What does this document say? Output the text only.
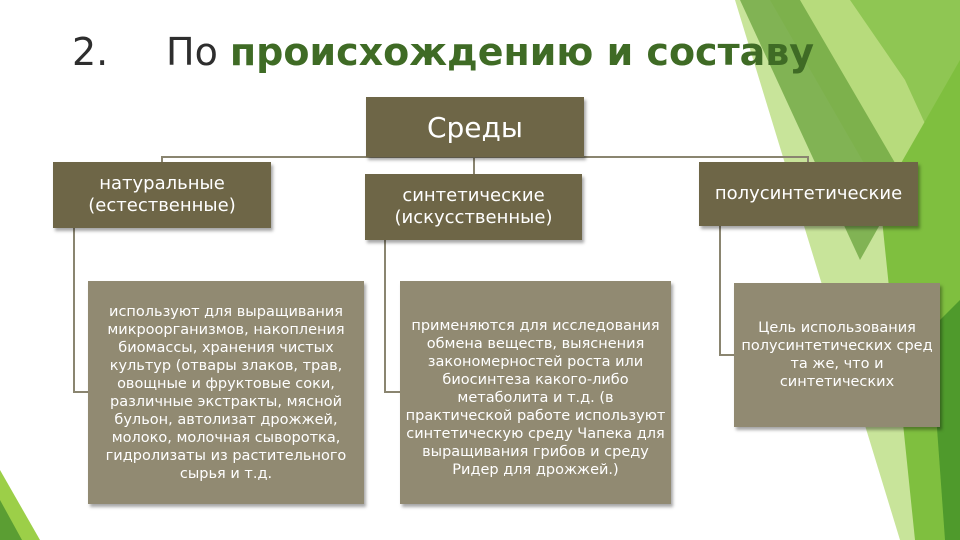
2. По происхождению и составу
Среды
натуральные (естественные)	синтетические (искусственные)
полусинтетические
используют для выращивания микроорганизмов, накопления биомассы, хранения чистых культур (отвары злаков, трав, овощные и фруктовые соки, различные экстракты, мясной бульон, автолизат дрожжей, молоко, молочная сыворотка, гидролизаты из растительного сырья и т.д.
применяются для исследования обмена веществ, выяснения закономерностей роста или биосинтеза какого-либо метаболита и т.д. (в практической работе используют синтетическую среду Чапека для выращивания грибов и среду Ридер для дрожжей.)
Цель использования полусинтетических сред та же, что и синтетических
